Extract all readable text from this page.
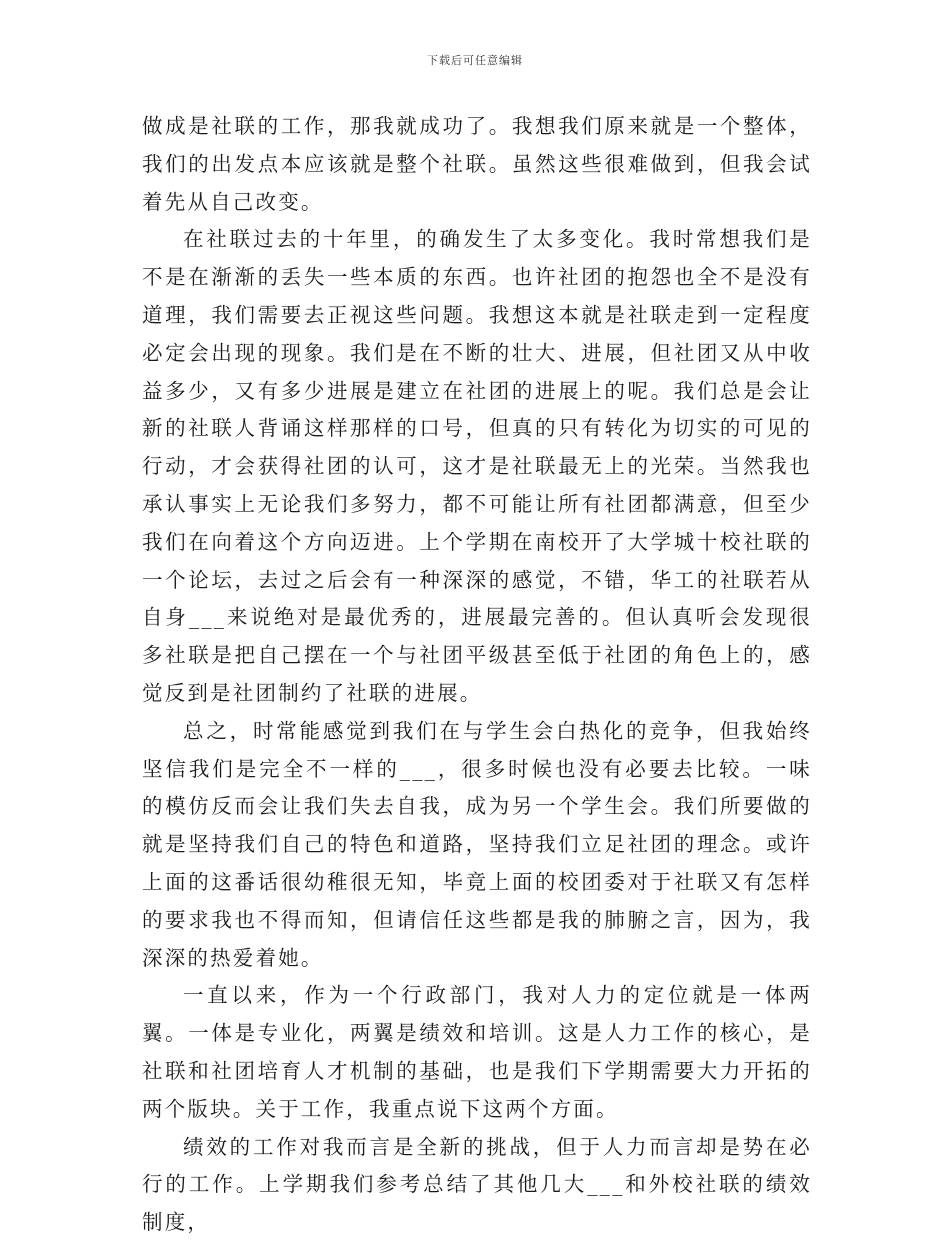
下载后可任意编辑

做成是社联的工作，那我就成功了。我想我们原来就是一个整体，我们的出发点本应该就是整个社联。虽然这些很难做到，但我会试着先从自己改变。

在社联过去的十年里，的确发生了太多变化。我时常想我们是不是在渐渐的丢失一些本质的东西。也许社团的抱怨也全不是没有道理，我们需要去正视这些问题。我想这本就是社联走到一定程度必定会出现的现象。我们是在不断的壮大、进展，但社团又从中收益多少，又有多少进展是建立在社团的进展上的呢。我们总是会让新的社联人背诵这样那样的口号，但真的只有转化为切实的可见的行动，才会获得社团的认可，这才是社联最无上的光荣。当然我也承认事实上无论我们多努力，都不可能让所有社团都满意，但至少我们在向着这个方向迈进。上个学期在南校开了大学城十校社联的一个论坛，去过之后会有一种深深的感觉，不错，华工的社联若从自身___来说绝对是最优秀的，进展最完善的。但认真听会发现很多社联是把自己摆在一个与社团平级甚至低于社团的角色上的，感觉反到是社团制约了社联的进展。

总之，时常能感觉到我们在与学生会白热化的竞争，但我始终坚信我们是完全不一样的___，很多时候也没有必要去比较。一味的模仿反而会让我们失去自我，成为另一个学生会。我们所要做的就是坚持我们自己的特色和道路，坚持我们立足社团的理念。或许上面的这番话很幼稚很无知，毕竟上面的校团委对于社联又有怎样的要求我也不得而知，但请信任这些都是我的肺腑之言，因为，我深深的热爱着她。

一直以来，作为一个行政部门，我对人力的定位就是一体两翼。一体是专业化，两翼是绩效和培训。这是人力工作的核心，是社联和社团培育人才机制的基础，也是我们下学期需要大力开拓的两个版块。关于工作，我重点说下这两个方面。

绩效的工作对我而言是全新的挑战，但于人力而言却是势在必行的工作。上学期我们参考总结了其他几大___和外校社联的绩效制度，
